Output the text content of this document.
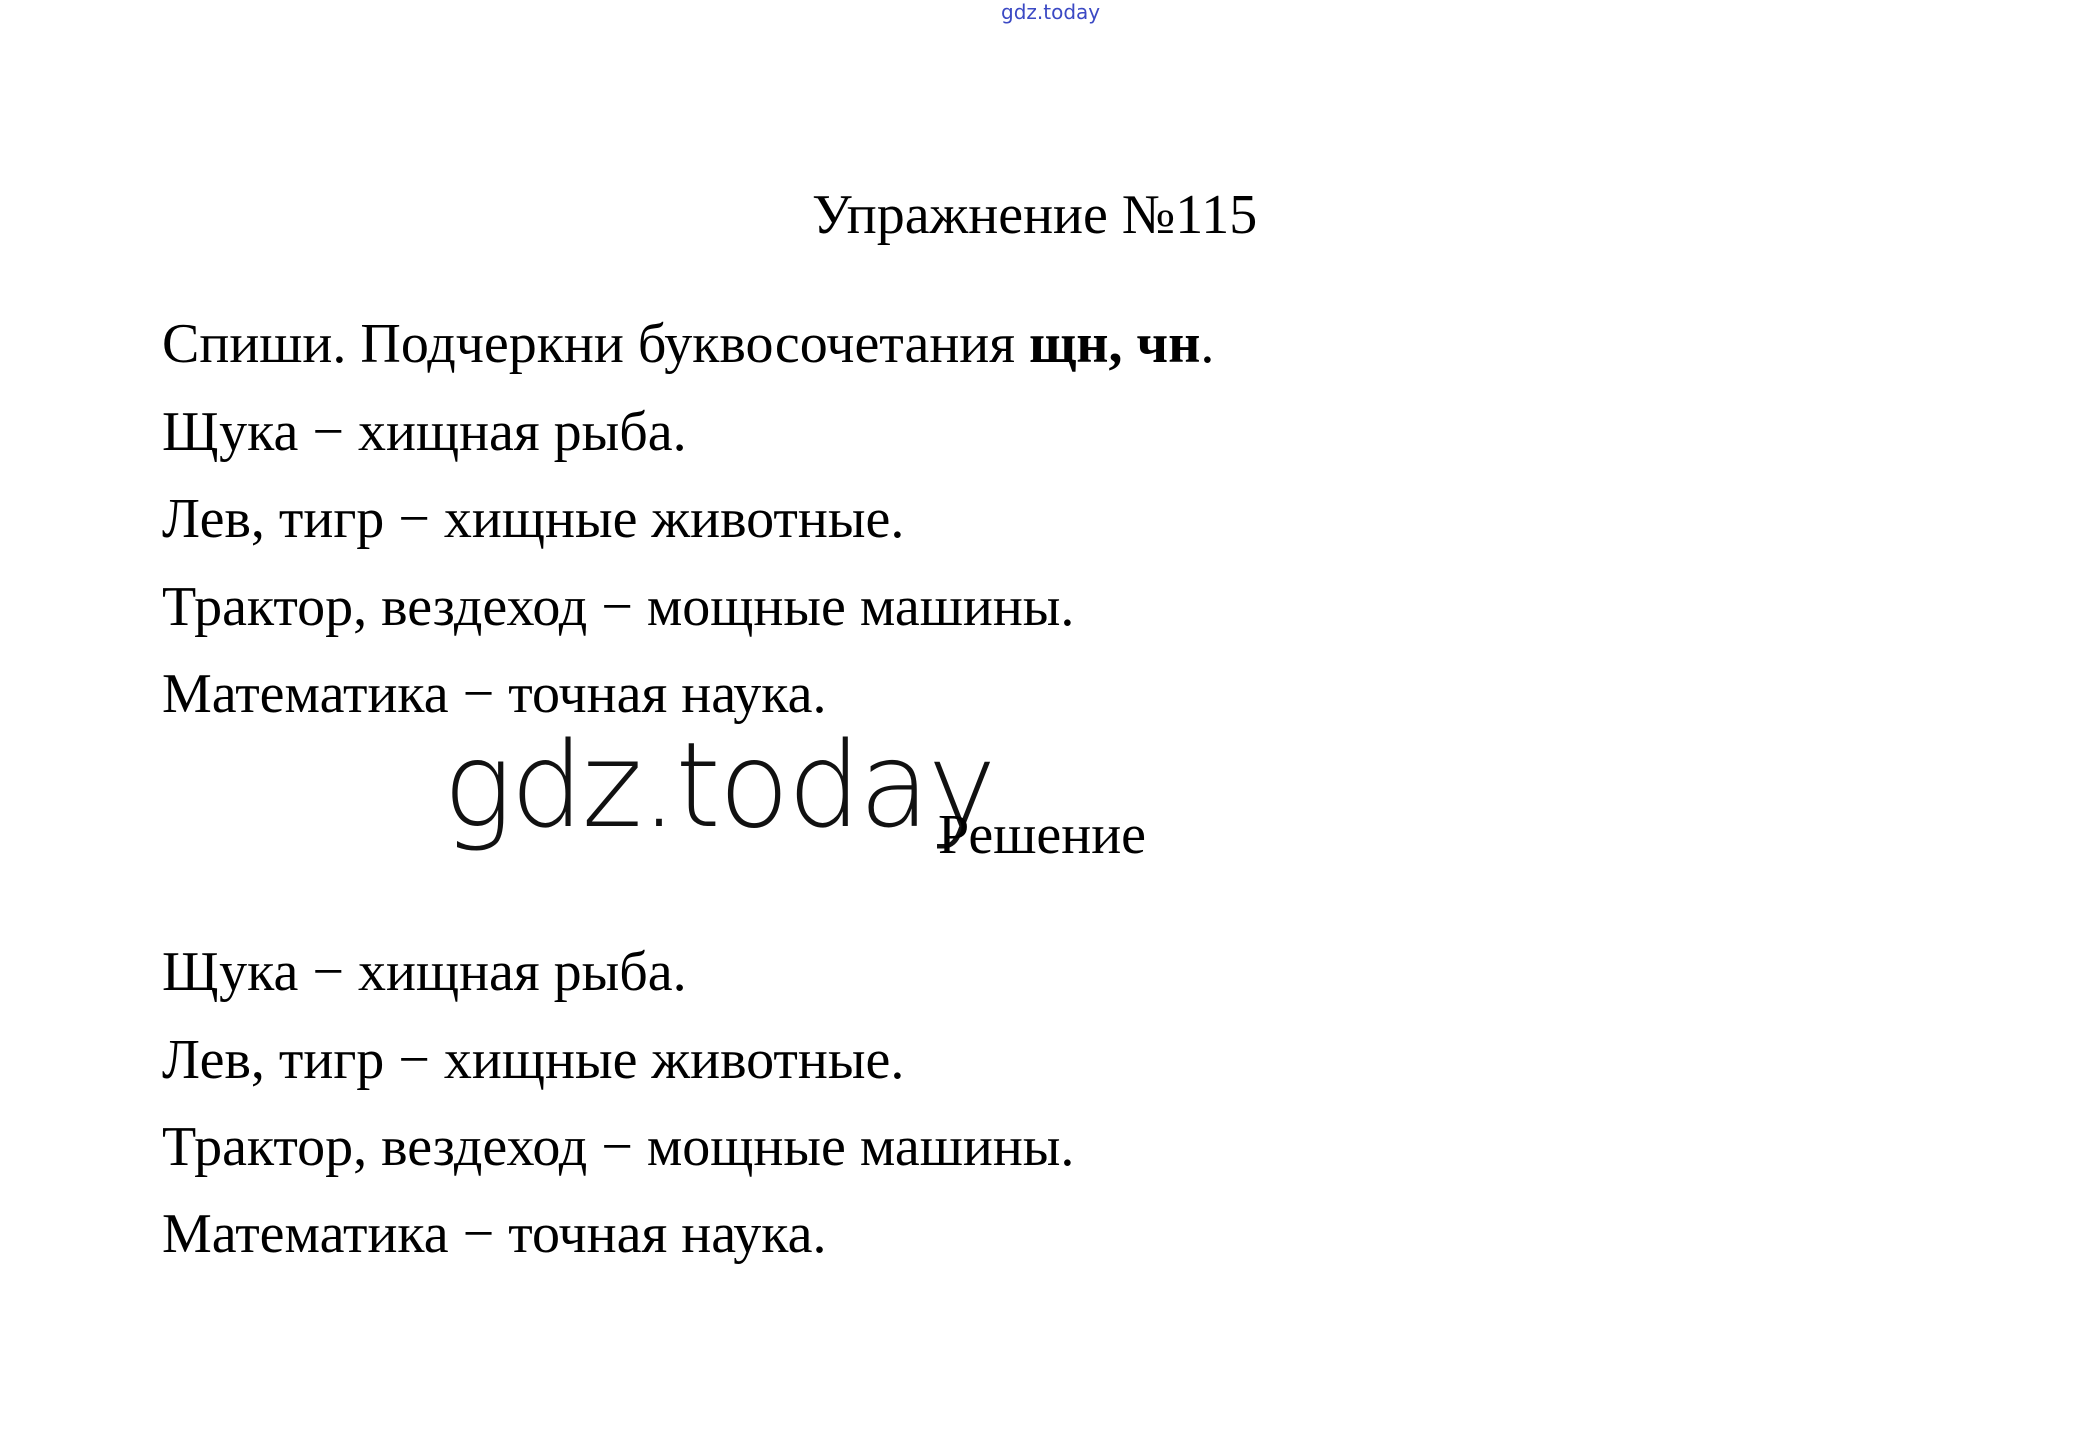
gdz.today
Упражнение №115
Спиши. Подчеркни буквосочетания щн, чн.
Щука − хищная рыба.
Лев, тигр − хищные животные.
Трактор, вездеход − мощные машины.
Математика − точная наука.
gdz.today
Решение
Щука − хищная рыба.
Лев, тигр − хищные животные.
Трактор, вездеход − мощные машины.
Математика − точная наука.
